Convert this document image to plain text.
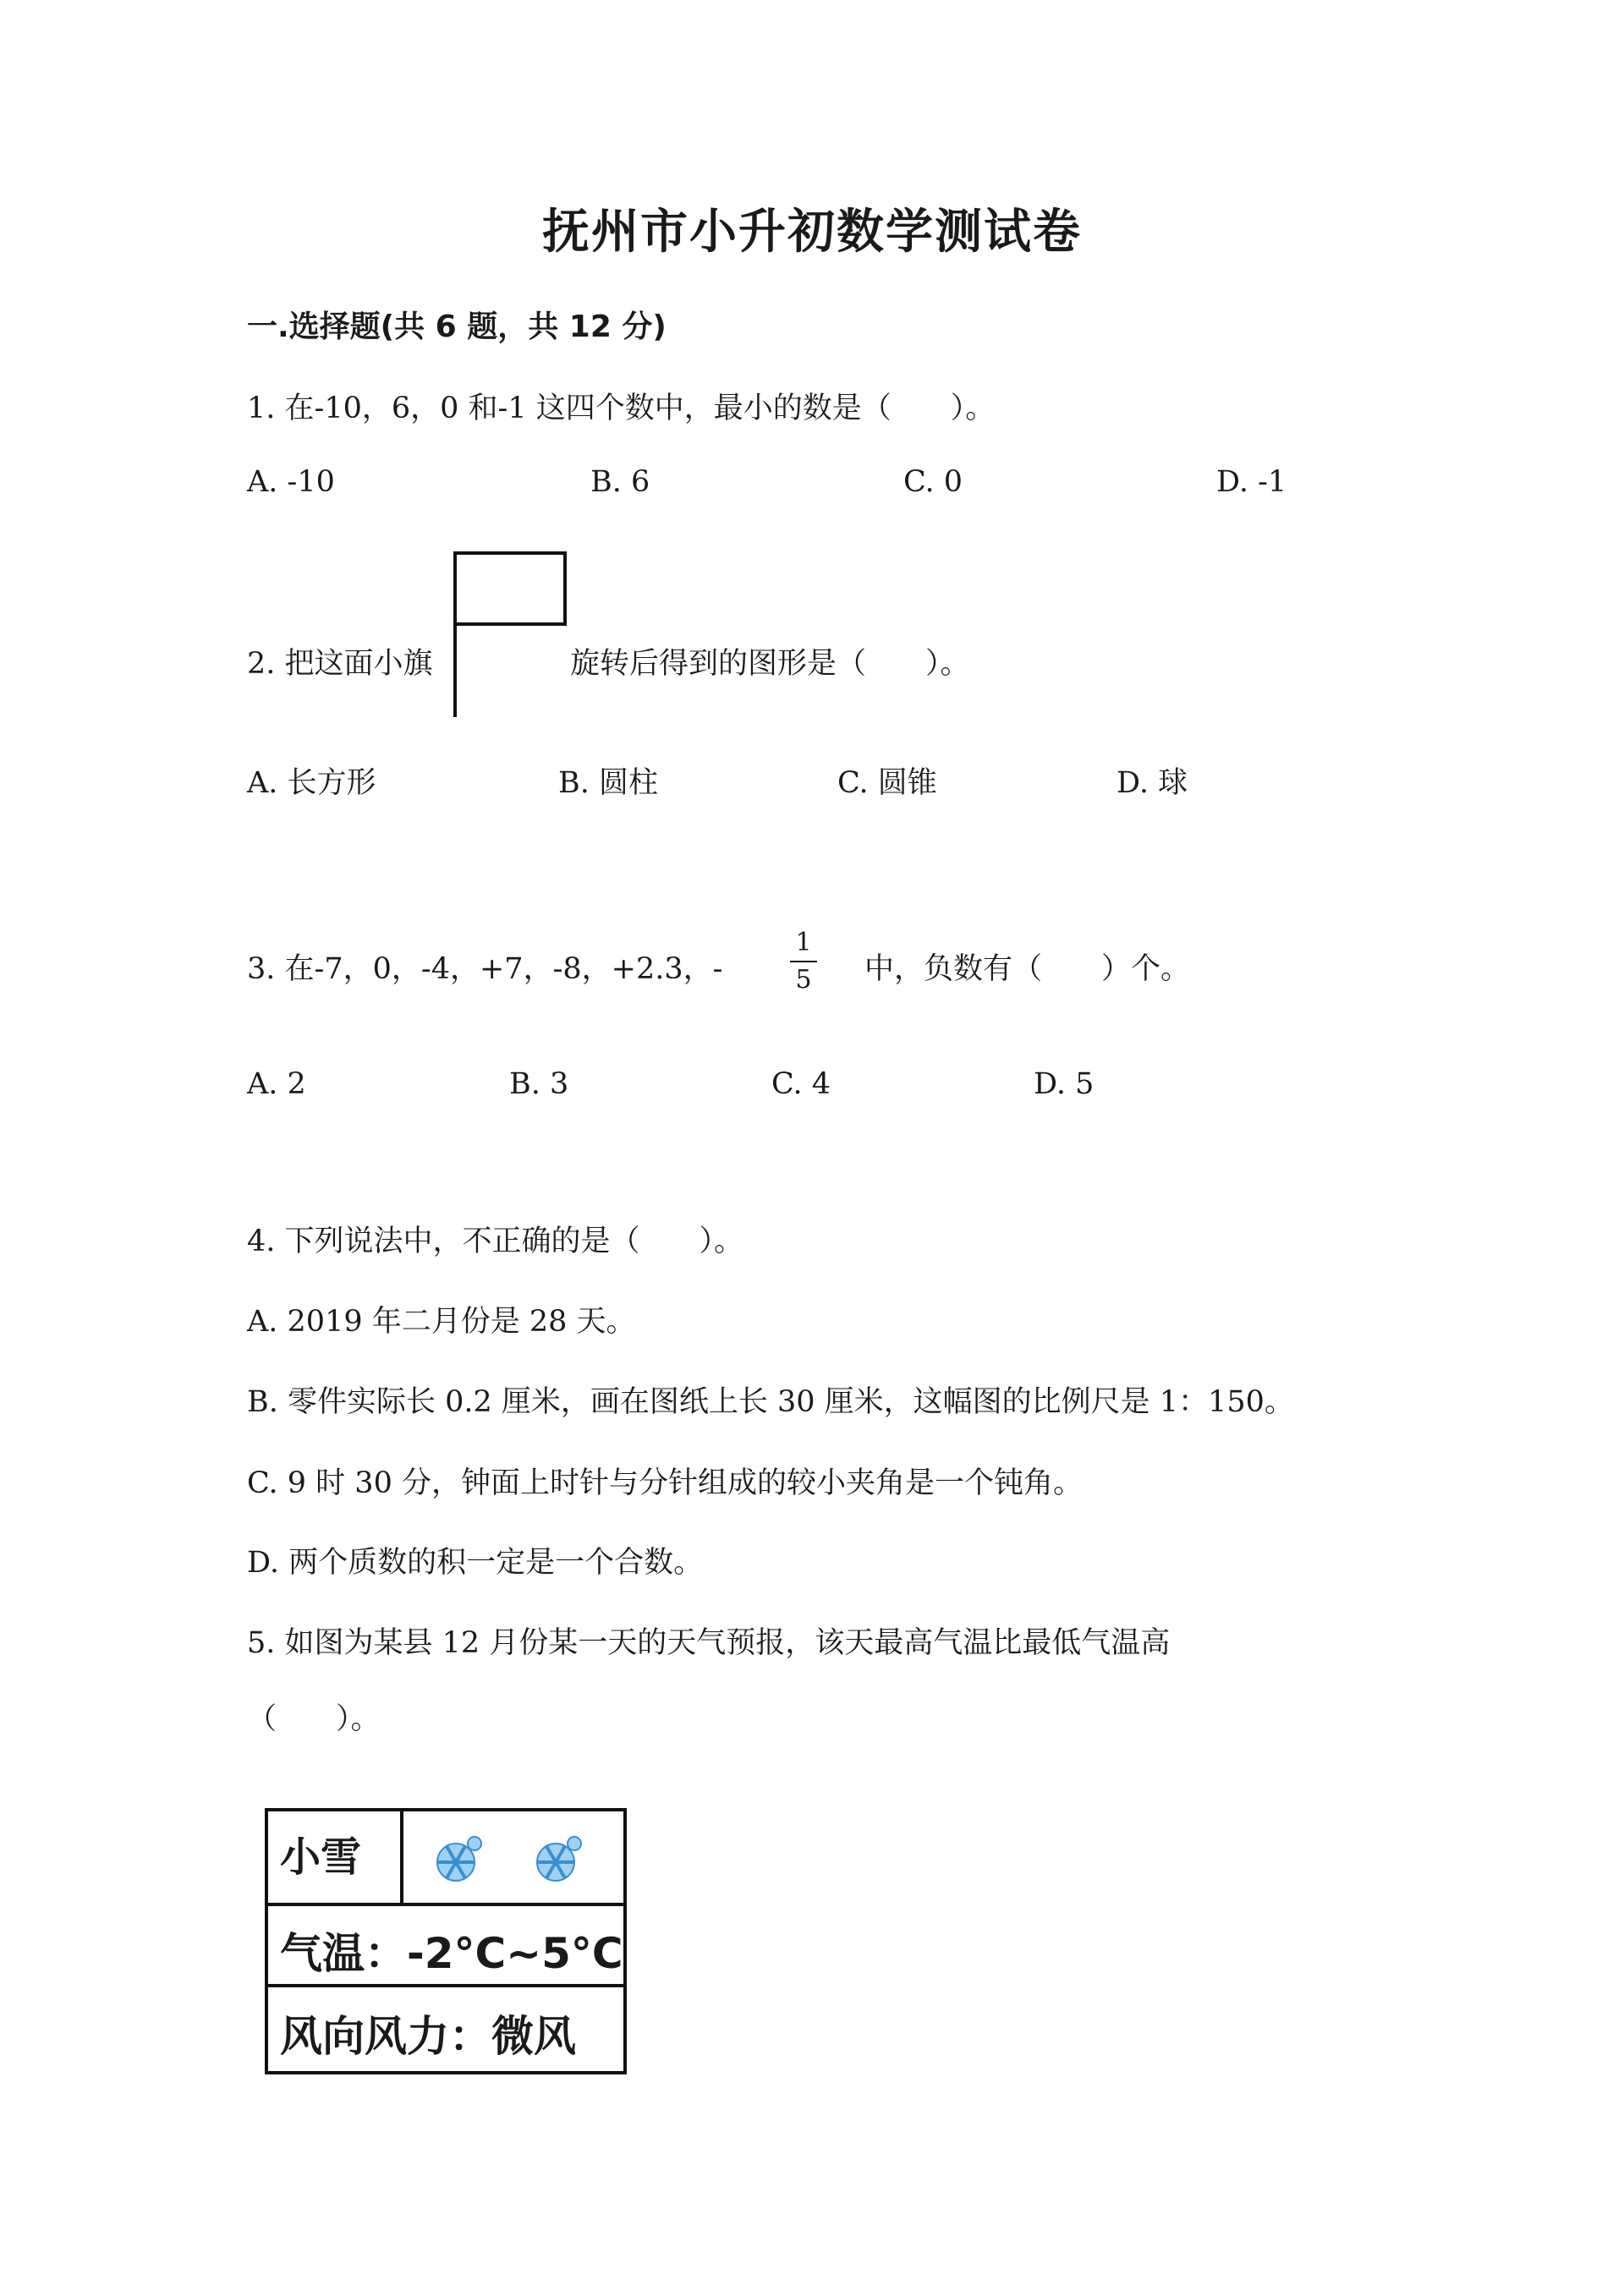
抚州市小升初数学测试卷
一.选择题(共 6 题，共 12 分)
1. 在-10，6，0 和-1 这四个数中，最小的数是（　　）。
A. -10	B. 6	C. 0	D. -1
2. 把这面小旗	旋转后得到的图形是（　　）。
A. 长方形	B. 圆柱	C. 圆锥	D. 球
3. 在-7，0，-4，+7，-8，+2.3，-
1
5 中，负数有（　　）个。
A. 2	B. 3	C. 4	D. 5
4. 下列说法中，不正确的是（　　）。
A. 2019 年二月份是 28 天。
B. 零件实际长 0.2 厘米，画在图纸上长 30 厘米，这幅图的比例尺是 1：150。
C. 9 时 30 分，钟面上时针与分针组成的较小夹角是一个钝角。
D. 两个质数的积一定是一个合数。
5. 如图为某县 12 月份某一天的天气预报，该天最高气温比最低气温高
（　　）。
小雪
气温：-2°C~5°C
风向风力：微风
